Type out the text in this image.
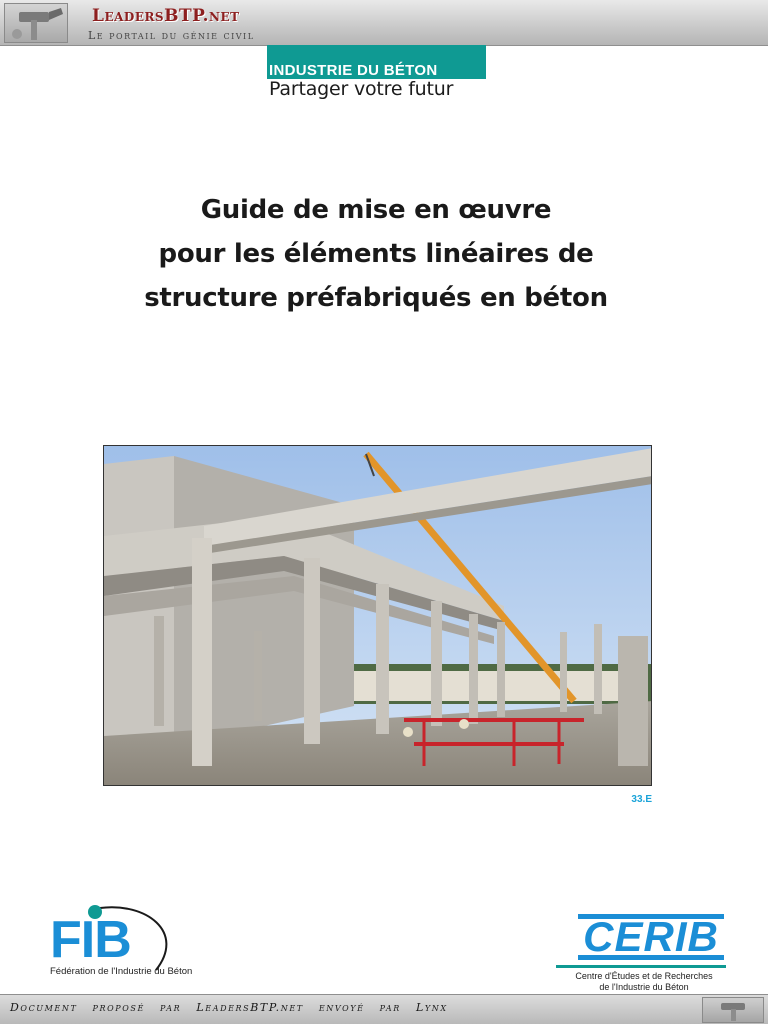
LeadersBTP.net
Le portail du génie civil
INDUSTRIE DU BÉTON
Partager votre futur
Guide de mise en œuvre
pour les éléments linéaires de
structure préfabriqués en béton
33.E
FIB
Fédération de l'Industrie du Béton
CERIB
Centre d'Études et de Recherches
de l'Industrie du Béton
Document proposé par LeadersBTP.net envoyé par Lynx
